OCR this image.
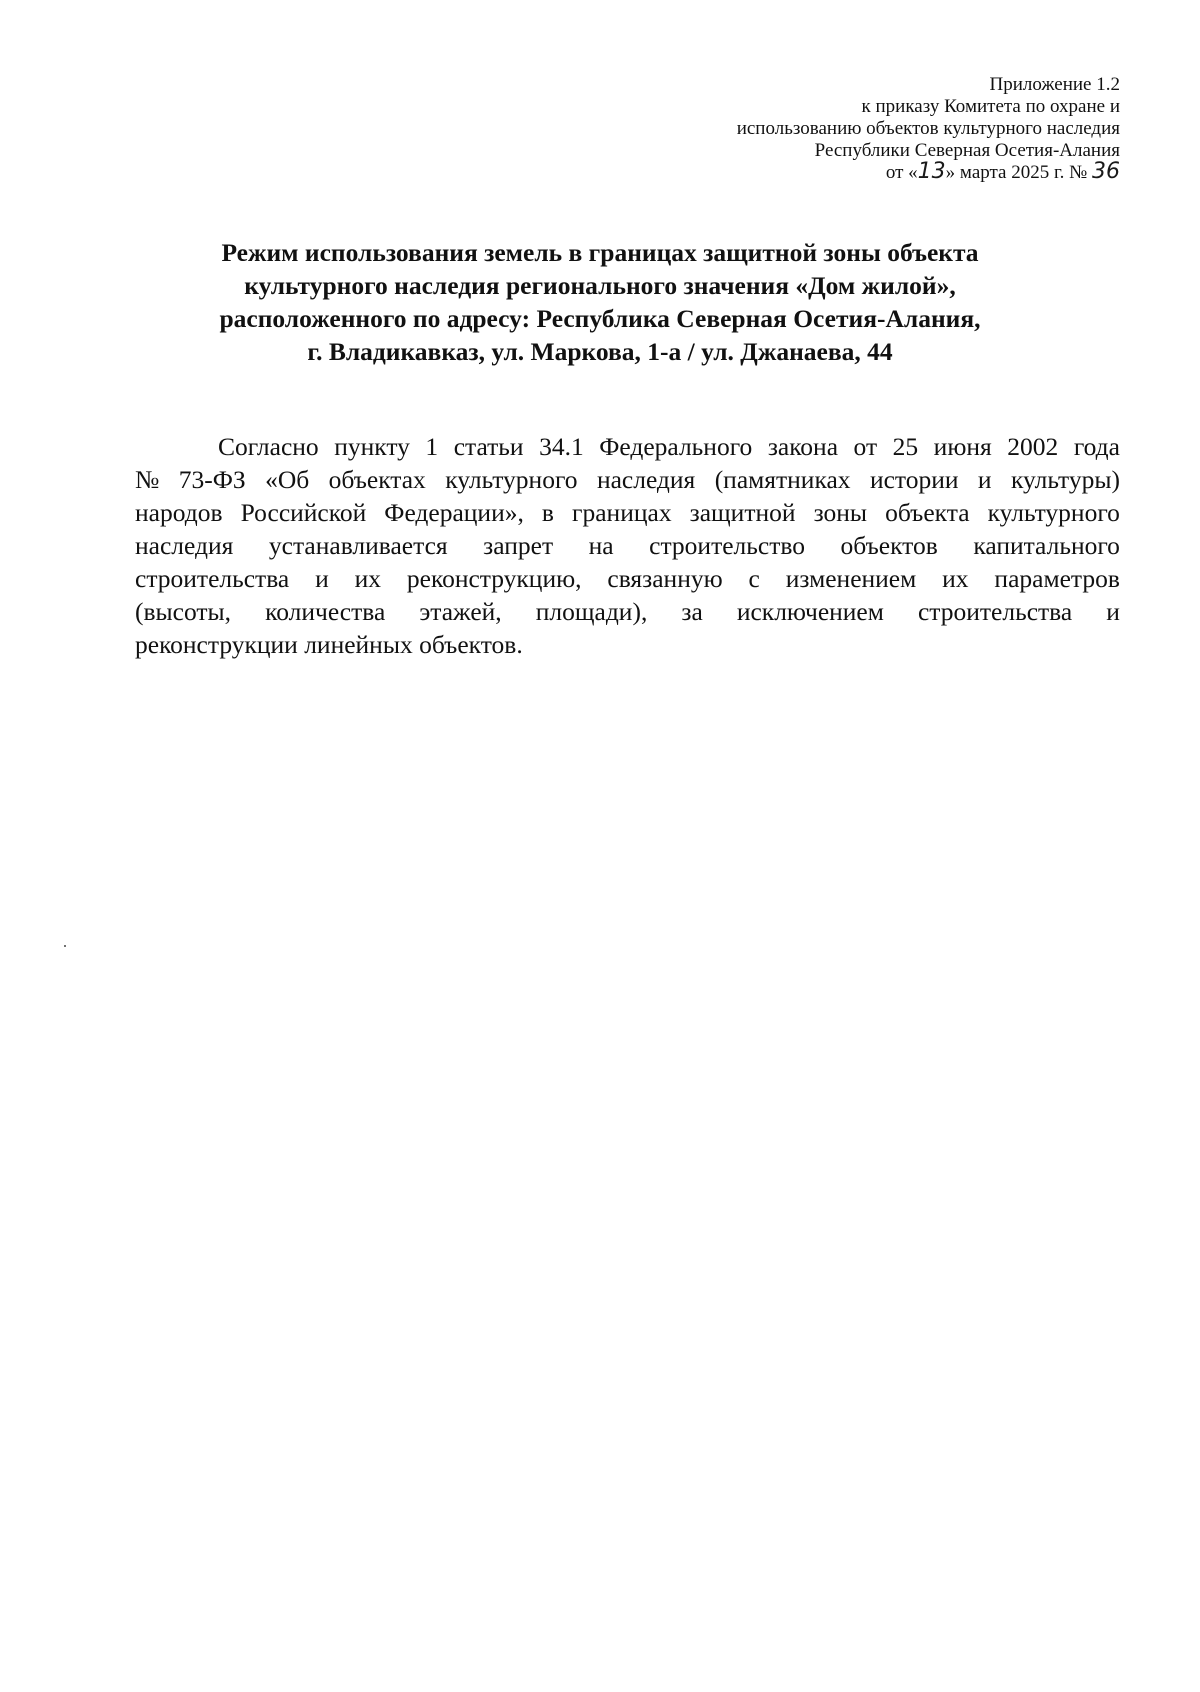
Приложение 1.2
к приказу Комитета по охране и
использованию объектов культурного наследия
Республики Северная Осетия-Алания
от «13» марта 2025 г. № 36
Режим использования земель в границах защитной зоны объекта
культурного наследия регионального значения «Дом жилой»,
расположенного по адресу: Республика Северная Осетия-Алания,
г. Владикавказ, ул. Маркова, 1-а / ул. Джанаева, 44
Согласно пункту 1 статьи 34.1 Федерального закона от 25 июня 2002 года
№ 73-ФЗ «Об объектах культурного наследия (памятниках истории и культуры)
народов Российской Федерации», в границах защитной зоны объекта культурного
наследия устанавливается запрет на строительство объектов капитального
строительства и их реконструкцию, связанную с изменением их параметров
(высоты, количества этажей, площади), за исключением строительства и
реконструкции линейных объектов.
